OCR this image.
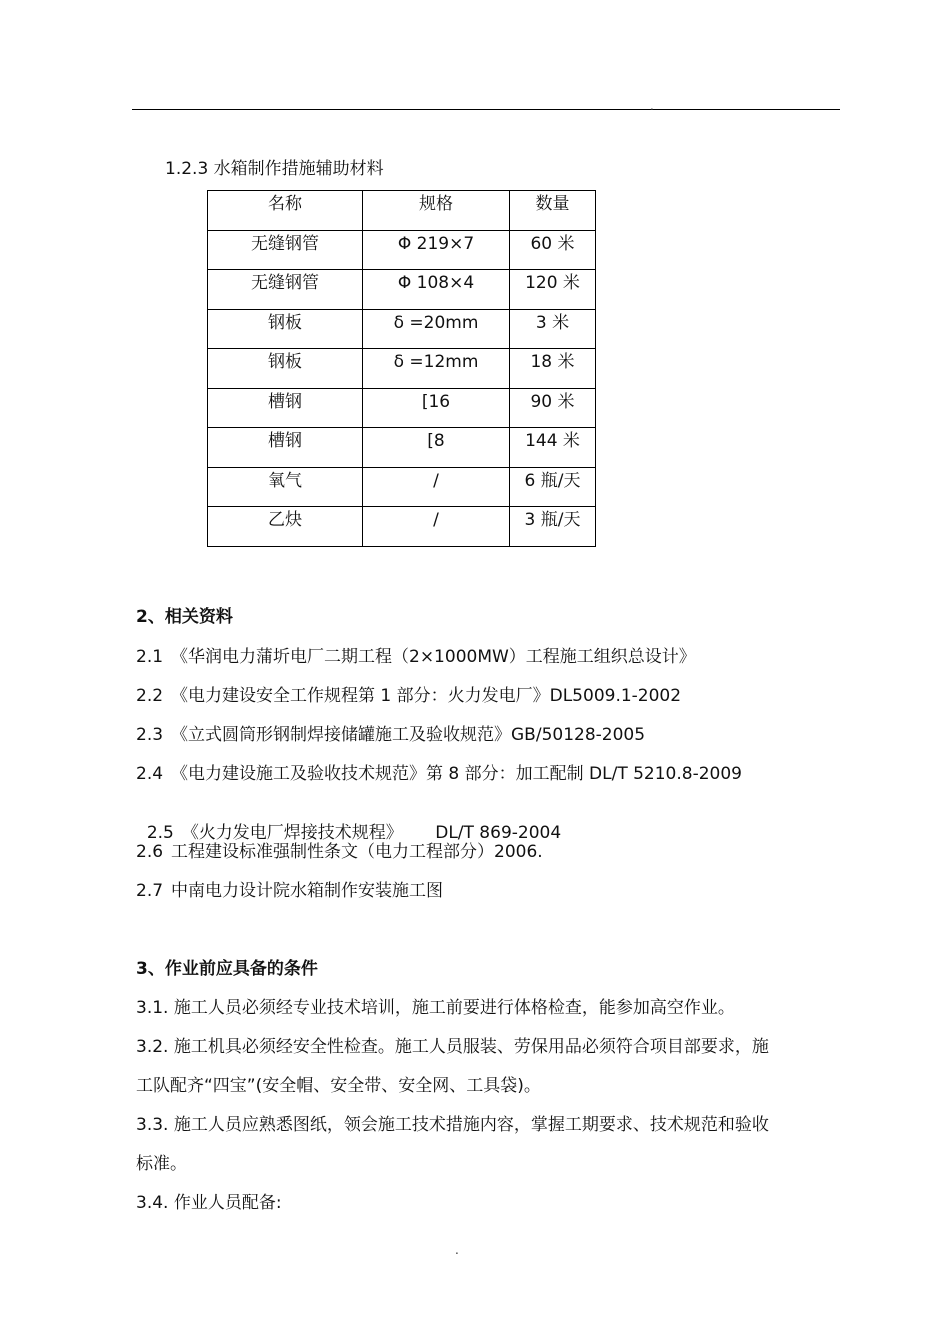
.
1.2.3 水箱制作措施辅助材料
名称	规格	数量
无缝钢管	Φ 219×7	60 米
无缝钢管	Φ 108×4	120 米
钢板	δ =20mm	3 米
钢板	δ =12mm	18 米
槽钢	[16	90 米
槽钢	[8	144 米
氧气	/	6 瓶/天
乙炔	/	3 瓶/天
2、相关资料
2.1 《华润电力蒲圻电厂二期工程（2×1000MW）工程施工组织总设计》
2.2 《电力建设安全工作规程第 1 部分：火力发电厂》DL5009.1-2002
2.3 《立式圆筒形钢制焊接储罐施工及验收规范》GB/50128-2005
2.4 《电力建设施工及验收技术规范》第 8 部分：加工配制 DL/T 5210.8-2009

2.5 《火力发电厂焊接技术规程》      DL/T 869-2004

2.6 工程建设标准强制性条文（电力工程部分）2006.
2.7 中南电力设计院水箱制作安装施工图
3、作业前应具备的条件
3.1. 施工人员必须经专业技术培训，施工前要进行体格检查，能参加高空作业。
3.2. 施工机具必须经安全性检查。施工人员服装、劳保用品必须符合项目部要求，施
工队配齐“四宝”(安全帽、安全带、安全网、工具袋)。
3.3. 施工人员应熟悉图纸，领会施工技术措施内容，掌握工期要求、技术规范和验收
标准。
3.4. 作业人员配备:
.
